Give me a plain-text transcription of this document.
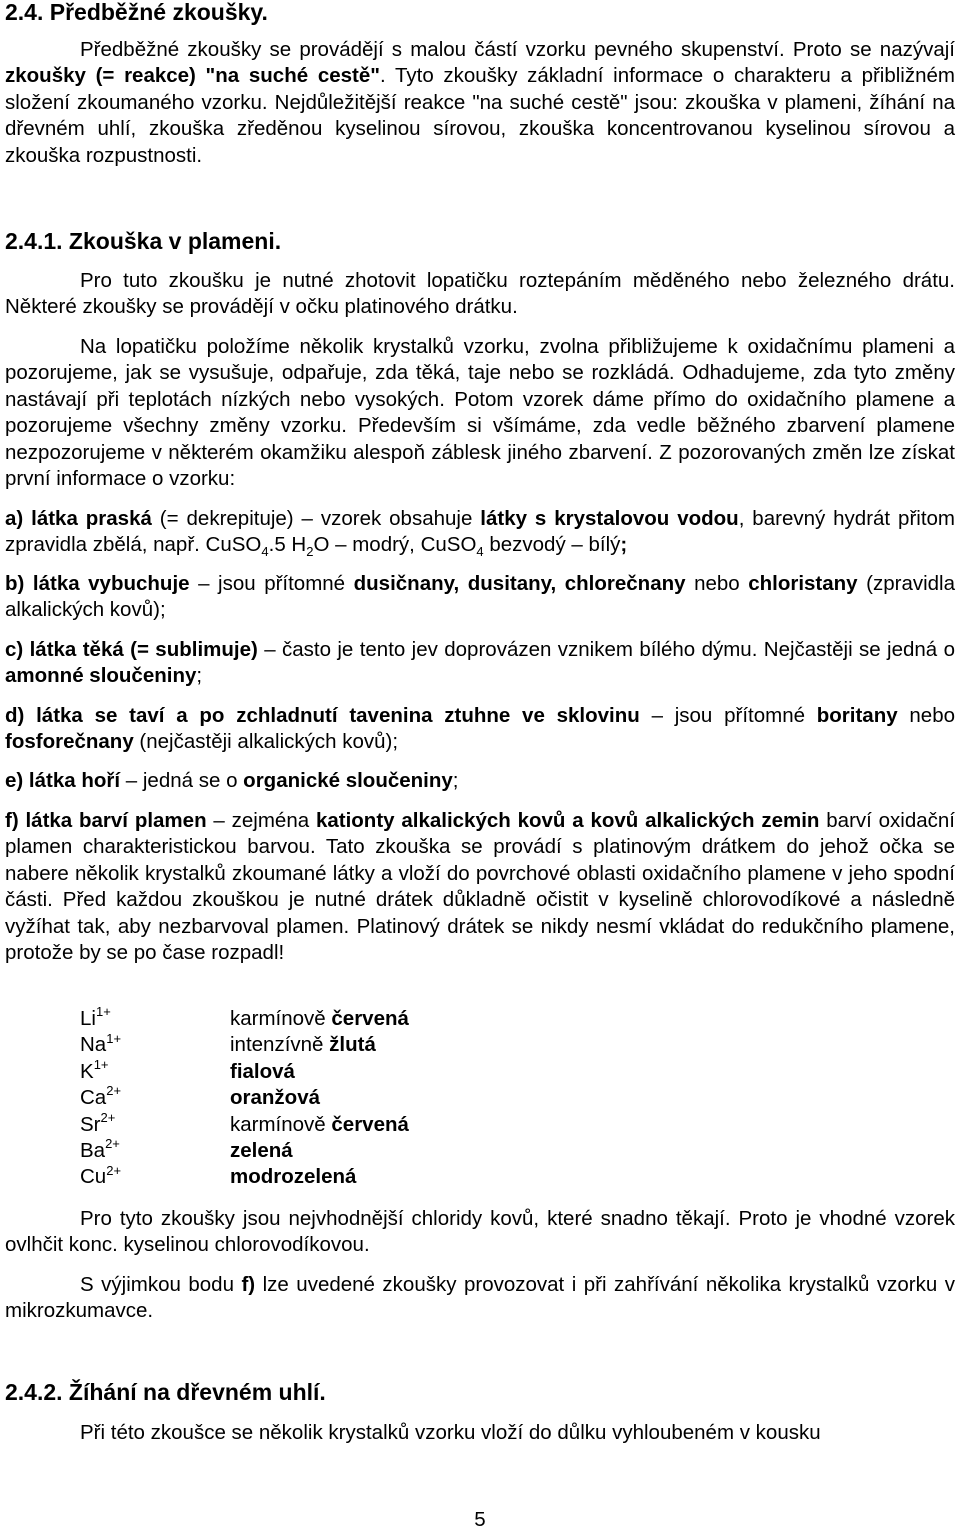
2.4. Předběžné zkoušky.

Předběžné zkoušky se provádějí s malou částí vzorku pevného skupenství. Proto se nazývají zkoušky (= reakce) "na suché cestě". Tyto zkoušky základní informace o charakteru a přibližném složení zkoumaného vzorku. Nejdůležitější reakce "na suché cestě" jsou: zkouška v plameni, žíhání na dřevném uhlí, zkouška zředěnou kyselinou sírovou, zkouška koncentrovanou kyselinou sírovou a zkouška rozpustnosti.

2.4.1. Zkouška v plameni.

Pro tuto zkoušku je nutné zhotovit lopatičku roztepáním měděného nebo železného drátu. Některé zkoušky se provádějí v očku platinového drátku.

Na lopatičku položíme několik krystalků vzorku, zvolna přibližujeme k oxidačnímu plameni a pozorujeme, jak se vysušuje, odpařuje, zda těká, taje nebo se rozkládá. Odhadujeme, zda tyto změny nastávají při teplotách nízkých nebo vysokých. Potom vzorek dáme přímo do oxidačního plamene a pozorujeme všechny změny vzorku. Především si všímáme, zda vedle běžného zbarvení plamene nezpozorujeme v některém okamžiku alespoň záblesk jiného zbarvení. Z pozorovaných změn lze získat první informace o vzorku:

a) látka praská (= dekrepituje) – vzorek obsahuje látky s krystalovou vodou, barevný hydrát přitom zpravidla zbělá, např. CuSO$_4$.5 $H_2O$ – modrý, CuSO$_4$ bezvodý – bílý;

b) látka vybuchuje – jsou přítomné dusičnany, dusitany, chlorečnany nebo chloristany (zpravidla alkalických kovů);

c) látka těká (= sublimuje) – často je tento jev doprovázen vznikem bílého dýmu. Nejčastěji se jedná o amonné sloučeniny;

d) látka se taví a po zchladnutí tavenina ztuhne ve sklovinu – jsou přítomné boritany nebo fosforečnany (nejčastěji alkalických kovů);

e) látka hoří – jedná se o organické sloučeniny;

f) látka barví plamen – zejména kationty alkalických kovů a kovů alkalických zemin barví oxidační plamen charakteristickou barvou. Tato zkouška se provádí s platinovým drátkem do jehož očka se nabere několik krystalků zkoumané látky a vloží do povrchové oblasti oxidačního plamene v jeho spodní části. Před každou zkouškou je nutné drátek důkladně očistit v kyselině chlorovodíkové a následně vyžíhat tak, aby nezbarvoval plamen. Platinový drátek se nikdy nesmí vkládat do redukčního plamene, protože by se po čase rozpadl!

$Li^{1+}$	karmínově červená
$Na^{1+}$	intenzívně žlutá
$K^{1+}$	fialová
$Ca^{2+}$	oranžová
$Sr^{2+}$	karmínově červená
$Ba^{2+}$	zelená
$Cu^{2+}$	modrozelená

Pro tyto zkoušky jsou nejvhodnější chloridy kovů, které snadno těkají. Proto je vhodné vzorek ovlhčit konc. kyselinou chlorovodíkovou.

S výjimkou bodu f) lze uvedené zkoušky provozovat i při zahřívání několika krystalků vzorku v mikrozkumavce.

2.4.2. Žíhání na dřevném uhlí.

Při této zkoušce se několik krystalků vzorku vloží do důlku vyhloubeném v kousku

5
